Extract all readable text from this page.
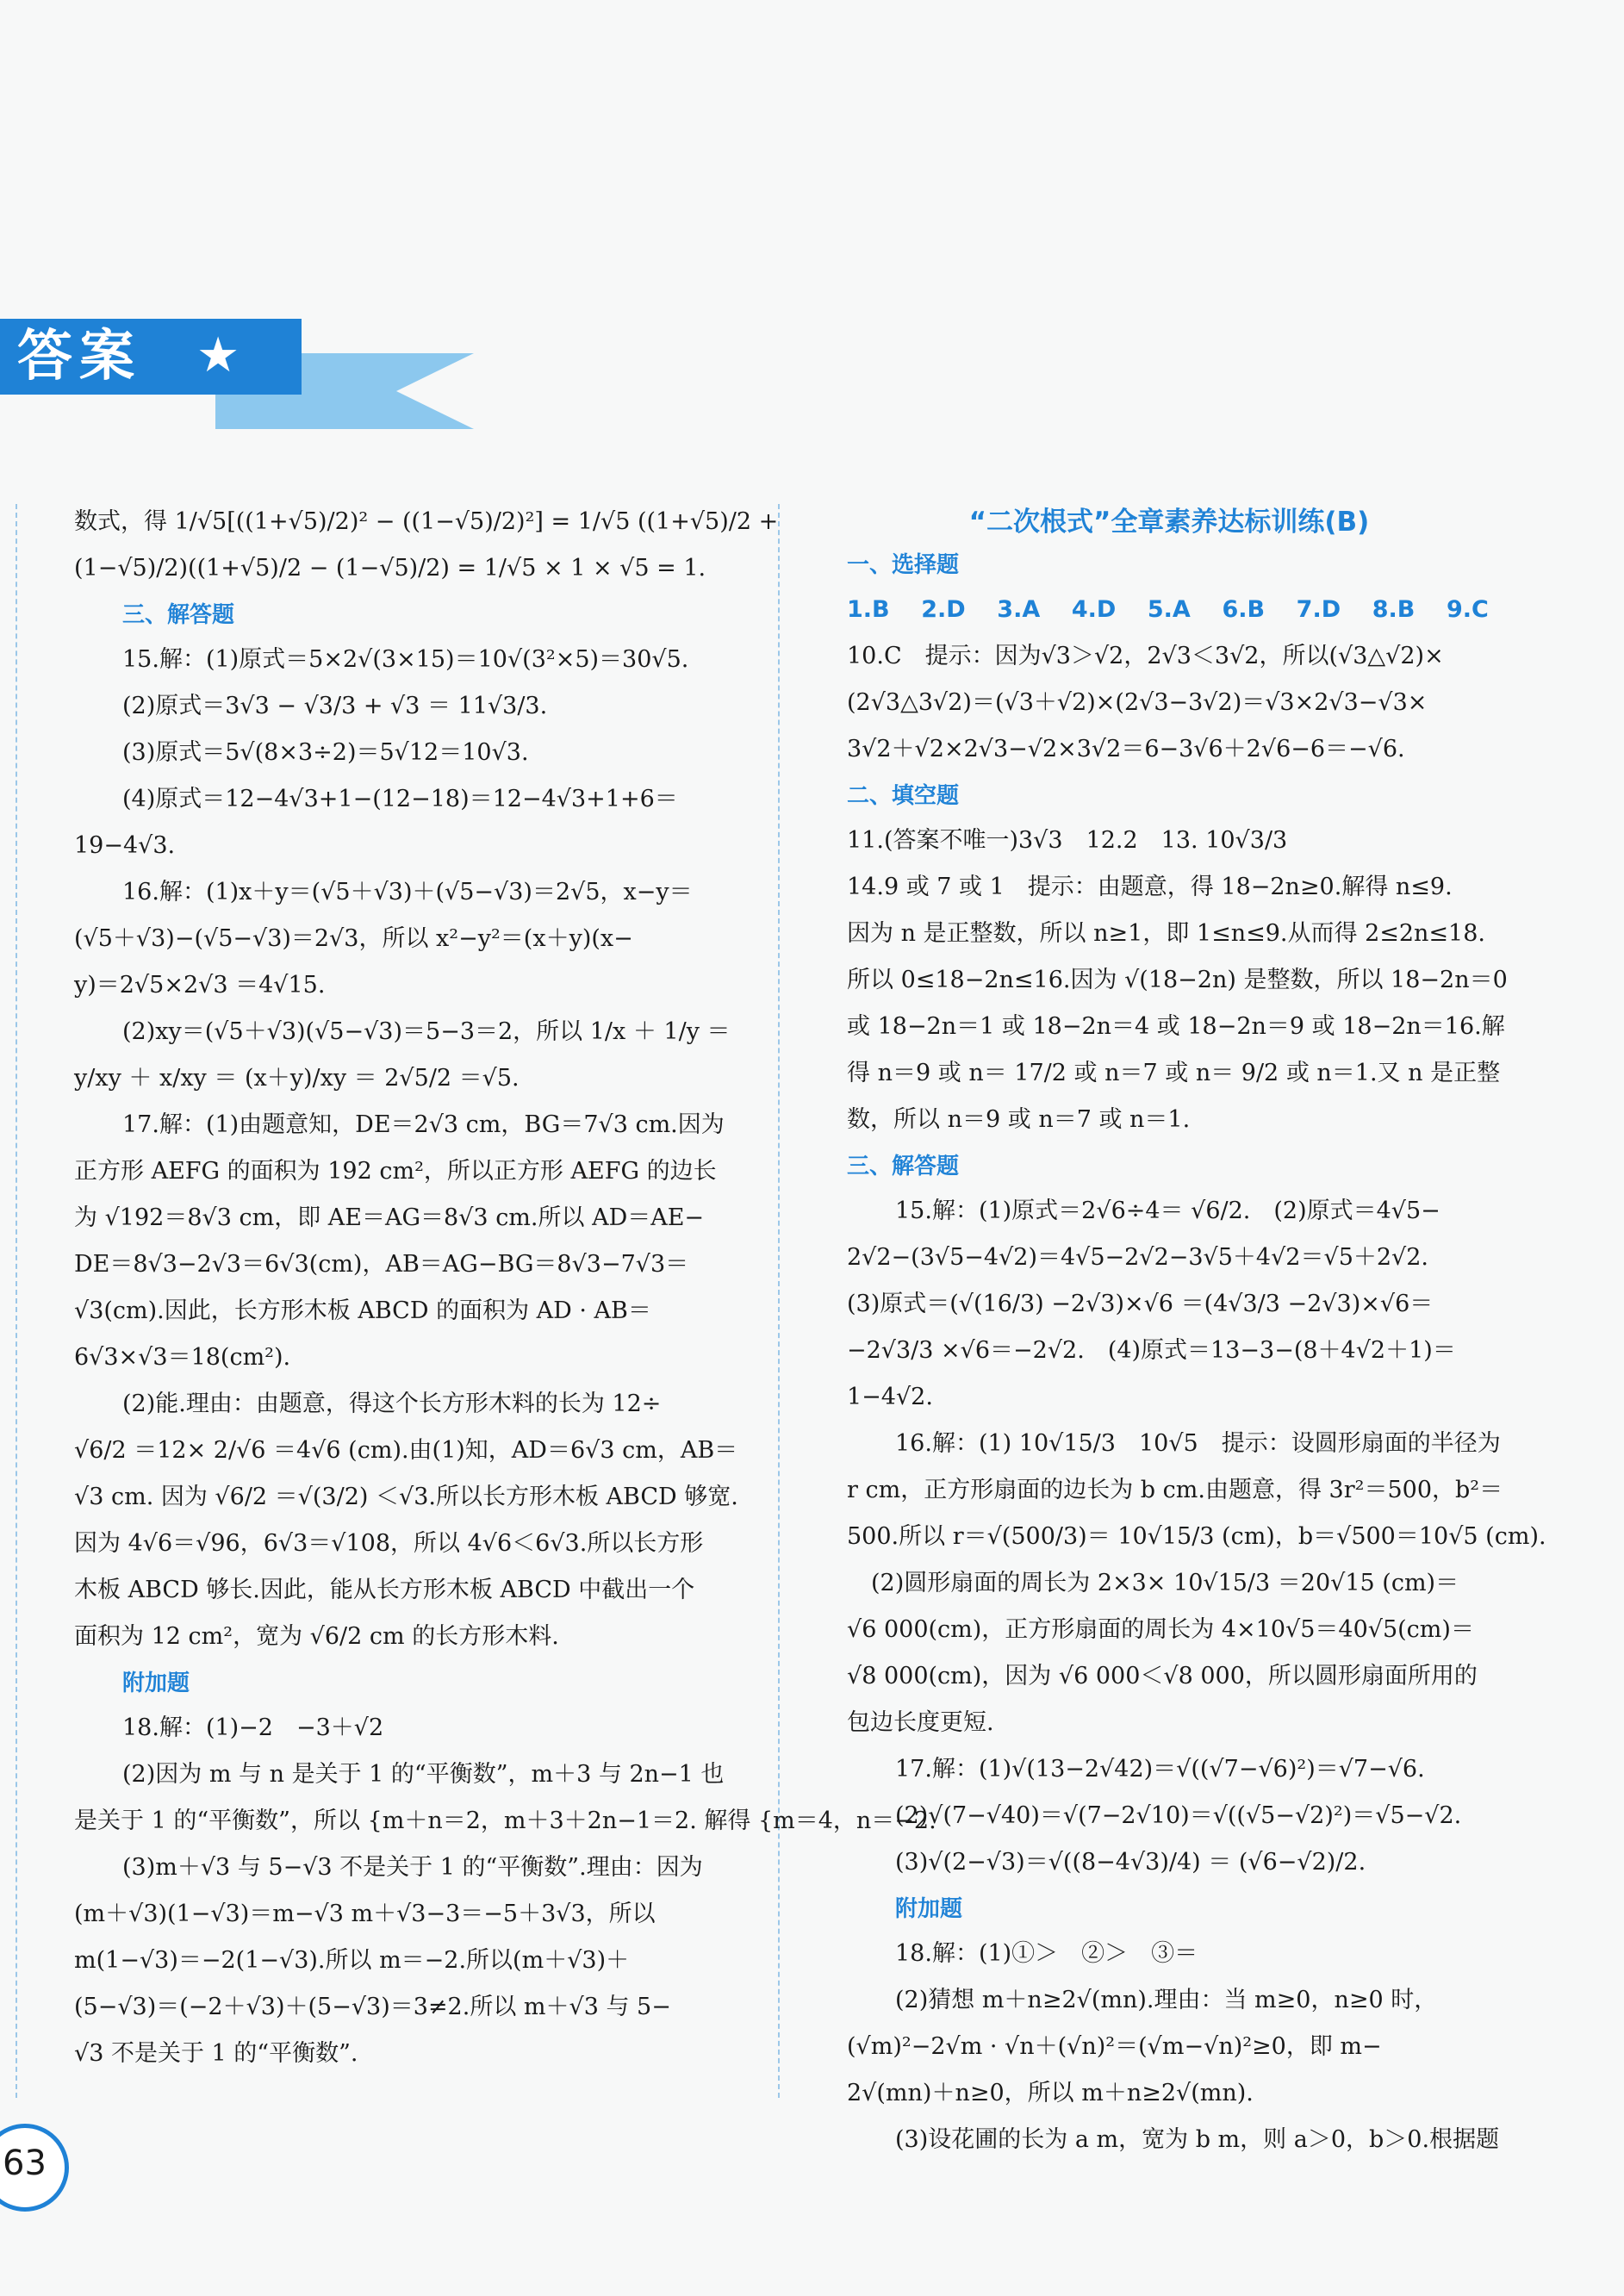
答案 ★
数式，得 1/√5[((1+√5)/2)² − ((1−√5)/2)²] = 1/√5 ((1+√5)/2 +
(1−√5)/2)((1+√5)/2 − (1−√5)/2) = 1/√5 × 1 × √5 = 1.
三、解答题
15.解：(1)原式＝5×2√(3×15)＝10√(3²×5)＝30√5.
(2)原式＝3√3 − √3/3 + √3 ＝ 11√3/3.
(3)原式＝5√(8×3÷2)＝5√12＝10√3.
(4)原式＝12−4√3+1−(12−18)＝12−4√3+1+6＝
19−4√3.
16.解：(1)x＋y＝(√5＋√3)＋(√5−√3)＝2√5，x−y＝
(√5＋√3)−(√5−√3)＝2√3，所以 x²−y²＝(x＋y)(x−
y)＝2√5×2√3 ＝4√15.
(2)xy＝(√5＋√3)(√5−√3)＝5−3＝2，所以 1/x ＋ 1/y ＝
y/xy ＋ x/xy ＝ (x＋y)/xy ＝ 2√5/2 ＝√5.
17.解：(1)由题意知，DE＝2√3 cm，BG＝7√3 cm.因为
正方形 AEFG 的面积为 192 cm²，所以正方形 AEFG 的边长
为 √192＝8√3 cm，即 AE＝AG＝8√3 cm.所以 AD＝AE−
DE＝8√3−2√3＝6√3(cm)，AB＝AG−BG＝8√3−7√3＝
√3(cm).因此，长方形木板 ABCD 的面积为 AD · AB＝
6√3×√3＝18(cm²).
(2)能.理由：由题意，得这个长方形木料的长为 12÷
√6/2 ＝12× 2/√6 ＝4√6 (cm).由(1)知，AD＝6√3 cm，AB＝
√3 cm. 因为 √6/2 ＝√(3/2) ＜√3.所以长方形木板 ABCD 够宽.
因为 4√6＝√96，6√3＝√108，所以 4√6＜6√3.所以长方形
木板 ABCD 够长.因此，能从长方形木板 ABCD 中截出一个
面积为 12 cm²，宽为 √6/2 cm 的长方形木料.
附加题
18.解：(1)−2　−3＋√2
(2)因为 m 与 n 是关于 1 的“平衡数”，m＋3 与 2n−1 也
是关于 1 的“平衡数”，所以 {m＋n＝2，m＋3＋2n−1＝2. 解得 {m＝4，n＝−2.
(3)m＋√3 与 5−√3 不是关于 1 的“平衡数”.理由：因为
(m＋√3)(1−√3)＝m−√3 m＋√3−3＝−5＋3√3，所以
m(1−√3)＝−2(1−√3).所以 m＝−2.所以(m＋√3)＋
(5−√3)＝(−2＋√3)＋(5−√3)＝3≠2.所以 m＋√3 与 5−
√3 不是关于 1 的“平衡数”.
“二次根式”全章素养达标训练(B)
一、选择题
1.B 2.D 3.A 4.D 5.A 6.B 7.D 8.B 9.C
10.C　提示：因为√3＞√2，2√3＜3√2，所以(√3△√2)×
(2√3△3√2)＝(√3＋√2)×(2√3−3√2)＝√3×2√3−√3×
3√2＋√2×2√3−√2×3√2＝6−3√6＋2√6−6＝−√6.
二、填空题
11.(答案不唯一)3√3　12.2　13. 10√3/3
14.9 或 7 或 1　提示：由题意，得 18−2n≥0.解得 n≤9.
因为 n 是正整数，所以 n≥1，即 1≤n≤9.从而得 2≤2n≤18.
所以 0≤18−2n≤16.因为 √(18−2n) 是整数，所以 18−2n＝0
或 18−2n＝1 或 18−2n＝4 或 18−2n＝9 或 18−2n＝16.解
得 n＝9 或 n＝ 17/2 或 n＝7 或 n＝ 9/2 或 n＝1.又 n 是正整
数，所以 n＝9 或 n＝7 或 n＝1.
三、解答题
15.解：(1)原式＝2√6÷4＝ √6/2.　(2)原式＝4√5−
2√2−(3√5−4√2)＝4√5−2√2−3√5＋4√2＝√5＋2√2.
(3)原式＝(√(16/3) −2√3)×√6 ＝(4√3/3 −2√3)×√6＝
−2√3/3 ×√6＝−2√2.　(4)原式＝13−3−(8＋4√2＋1)＝
1−4√2.
16.解：(1) 10√15/3　10√5　提示：设圆形扇面的半径为
r cm，正方形扇面的边长为 b cm.由题意，得 3r²＝500，b²＝
500.所以 r＝√(500/3)＝ 10√15/3 (cm)，b＝√500＝10√5 (cm).
(2)圆形扇面的周长为 2×3× 10√15/3 ＝20√15 (cm)＝
√6 000(cm)，正方形扇面的周长为 4×10√5＝40√5(cm)＝
√8 000(cm)，因为 √6 000＜√8 000，所以圆形扇面所用的
包边长度更短.
17.解：(1)√(13−2√42)＝√((√7−√6)²)＝√7−√6.
(2)√(7−√40)＝√(7−2√10)＝√((√5−√2)²)＝√5−√2.
(3)√(2−√3)＝√((8−4√3)/4) ＝ (√6−√2)/2.
附加题
18.解：(1)①＞　②＞　③＝
(2)猜想 m＋n≥2√(mn).理由：当 m≥0，n≥0 时，
(√m)²−2√m · √n＋(√n)²＝(√m−√n)²≥0，即 m−
2√(mn)＋n≥0，所以 m＋n≥2√(mn).
(3)设花圃的长为 a m，宽为 b m，则 a＞0，b＞0.根据题
63
